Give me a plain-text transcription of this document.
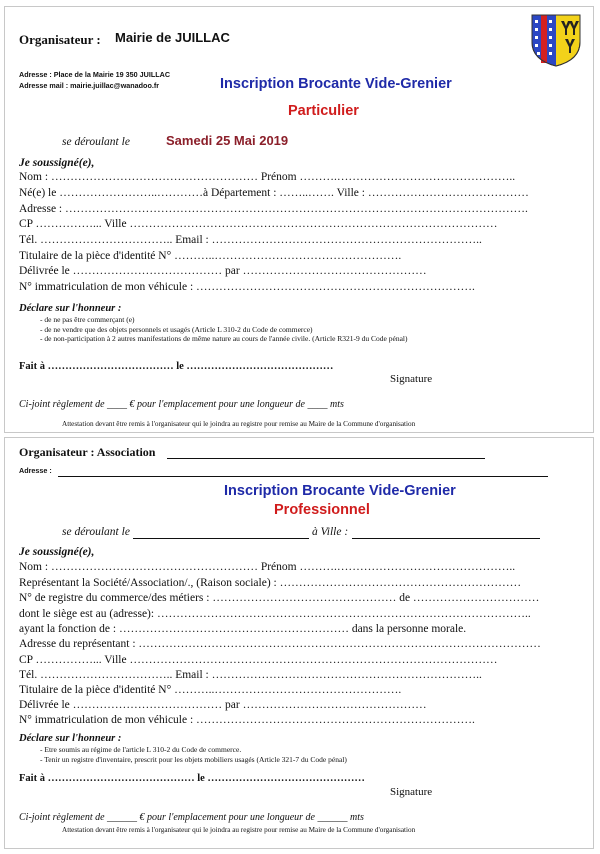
Organisateur : Mairie de JUILLAC
Adresse : Place de la Mairie 19 350 JUILLAC
Adresse mail : mairie.juillac@wanadoo.fr	Inscription Brocante Vide-Grenier
Particulier
se déroulant le	Samedi 25 Mai 2019
Je soussigné(e),
Nom : ……………………………………………… Prénom ……….………………………………………..
Né(e) le ……………………..…………à Département : ……..……. Ville : ……………………………………
Adresse : ………………………………………………………………………………………………………….
CP ……………... Ville ……………………………………………………………………………………
Tél. …………………………….. Email : ……………………………………………………………..
Titulaire de la pièce d'identité N° ………..………………………………………….
Délivrée le ………………………………… par …………………………………………
N° immatriculation de mon véhicule : ……………………………………………………………….
Déclare sur l'honneur :
- de ne pas être commerçant (e)
- de ne vendre que des objets personnels et usagés (Article L 310-2 du Code de commerce)
- de non-participation à 2 autres manifestations de même nature au cours de l'année civile. (Article R321-9 du Code pénal)
Fait à ……………………………… le ……………………………………
Signature
Ci-joint règlement de ____ € pour l'emplacement pour une longueur de ____ mts
Attestation devant être remis à l'organisateur qui le joindra au registre pour remise au Maire de la Commune d'organisation
Organisateur : Association
Adresse :
Inscription Brocante Vide-Grenier
Professionnel
se déroulant le	à Ville :
Je soussigné(e),
Nom : ……………………………………………… Prénom ……….………………………………………..
Représentant la Société/Association/., (Raison sociale) : ………………………………………………………
N° de registre du commerce/des métiers : ………………………………………… de ……………………………
dont le siège est au (adresse): ……………………………………………………………………………………..
ayant la fonction de : …………………………………………………… dans la personne morale.
Adresse du représentant : ……………………………………………………………………………………………
CP ……………... Ville ……………………………………………………………………………………
Tél. …………………………….. Email : ……………………………………………………………..
Titulaire de la pièce d'identité N° ………..………………………………………….
Délivrée le ………………………………… par …………………………………………
N° immatriculation de mon véhicule : ……………………………………………………………….
Déclare sur l'honneur :
- Etre soumis au régime de l'article L 310-2 du Code de commerce.
- Tenir un registre d'inventaire, prescrit pour les objets mobiliers usagés (Article 321-7 du Code pénal)
Fait à …………………………………… le ………………………………………
Signature
Ci-joint règlement de ______ € pour l'emplacement pour une longueur de ______ mts
Attestation devant être remis à l'organisateur qui le joindra au registre pour remise au Maire de la Commune d'organisation
